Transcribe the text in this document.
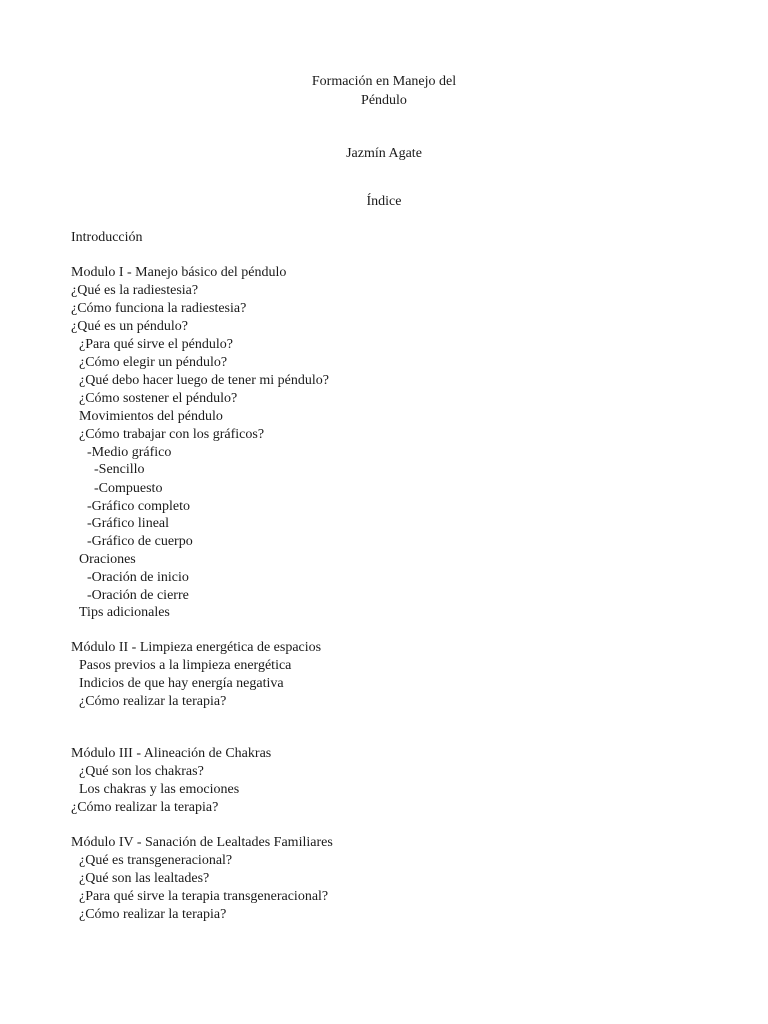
Formación en Manejo del
Péndulo
Jazmín Agate
Índice
Introducción
Modulo I - Manejo básico del péndulo
¿Qué es la radiestesia?
¿Cómo funciona la radiestesia?
¿Qué es un péndulo?
¿Para qué sirve el péndulo?
¿Cómo elegir un péndulo?
¿Qué debo hacer luego de tener mi péndulo?
¿Cómo sostener el péndulo?
Movimientos del péndulo
¿Cómo trabajar con los gráficos?
-Medio gráfico
-Sencillo
-Compuesto
-Gráfico completo
-Gráfico lineal
-Gráfico de cuerpo
Oraciones
-Oración de inicio
-Oración de cierre
Tips adicionales
Módulo II - Limpieza energética de espacios
Pasos previos a la limpieza energética
Indicios de que hay energía negativa
¿Cómo realizar la terapia?
Módulo III - Alineación de Chakras
¿Qué son los chakras?
Los chakras y las emociones
¿Cómo realizar la terapia?
Módulo IV - Sanación de Lealtades Familiares
¿Qué es transgeneracional?
¿Qué son las lealtades?
¿Para qué sirve la terapia transgeneracional?
¿Cómo realizar la terapia?
